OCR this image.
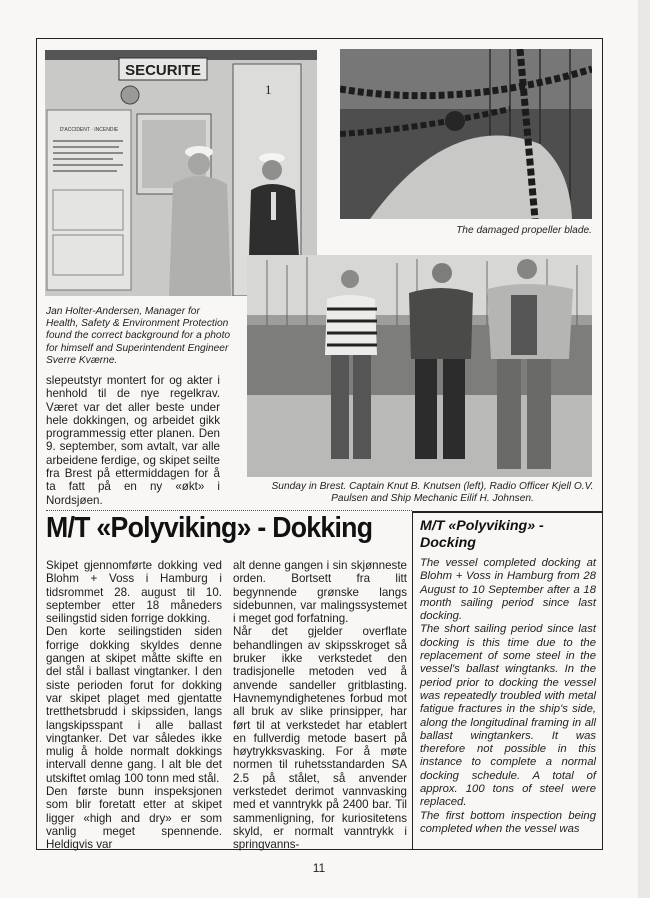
SECURITE
1
D'ACCIDENT · INCENDIE
The damaged propeller blade.
Jan Holter-Andersen, Manager for Health, Safety & Environment Protection found the correct background for a photo for himself and Superintendent Engineer Sverre Kværne.
Sunday in Brest. Captain Knut B. Knutsen (left), Radio Officer Kjell O.V. Paulsen and Ship Mechanic Eilif H. Johnsen.
slepeutstyr montert for og akter i henhold til de nye regelkrav. Været var det aller beste under hele dokkingen, og arbeidet gikk programmessig etter planen. Den 9. september, som avtalt, var alle arbeidene ferdige, og skipet seilte fra Brest på ettermiddagen for å ta fatt på en ny «økt» i Nordsjøen.
M/T «Polyviking» - Dokking

Skipet gjennomførte dokking ved Blohm + Voss i Hamburg i tidsrommet 28. august til 10. september etter 18 måneders seilingstid siden forrige dokking.

Den korte seilingstiden siden forrige dokking skyldes denne gangen at skipet måtte skifte en del stål i ballast vingtanker. I den siste perioden forut for dokking var skipet plaget med gjentatte tretthetsbrudd i skipssiden, langs langskipsspant i alle ballast vingtanker. Det var således ikke mulig å holde normalt dokkings intervall denne gang. I alt ble det utskiftet omlag 100 tonn med stål.

Den første bunn inspeksjonen som blir foretatt etter at skipet ligger «high and dry» er som vanlig meget spennende. Heldigvis var

alt denne gangen i sin skjønneste orden. Bortsett fra litt begynnende grønske langs sidebunnen, var malingssystemet i meget god forfatning.

Når det gjelder overflate behandlingen av skipsskroget så bruker ikke verkstedet den tradisjonelle metoden ved å anvende sandeller gritblasting. Havnemyndighetenes forbud mot all bruk av slike prinsipper, har ført til at verkstedet har etablert en fullverdig metode basert på høytrykksvasking. For å møte normen til ruhetsstandarden SA 2.5 på stålet, så anvender verkstedet derimot vannvasking med et vanntrykk på 2400 bar. Til sammenligning, for kuriositetens skyld, er normalt vanntrykk i springvanns-

M/T «Polyviking» - Docking

The vessel completed docking at Blohm + Voss in Hamburg from 28 August to 10 September after a 18 month sailing period since last docking.

The short sailing period since last docking is this time due to the replacement of some steel in the vessel's ballast wingtanks. In the period prior to docking the vessel was repeatedly troubled with metal fatigue fractures in the ship's side, along the longitudinal framing in all ballast wingtankers. It was therefore not possible in this instance to complete a normal docking schedule. A total of approx. 100 tons of steel were replaced.

The first bottom inspection being completed when the vessel was

11
